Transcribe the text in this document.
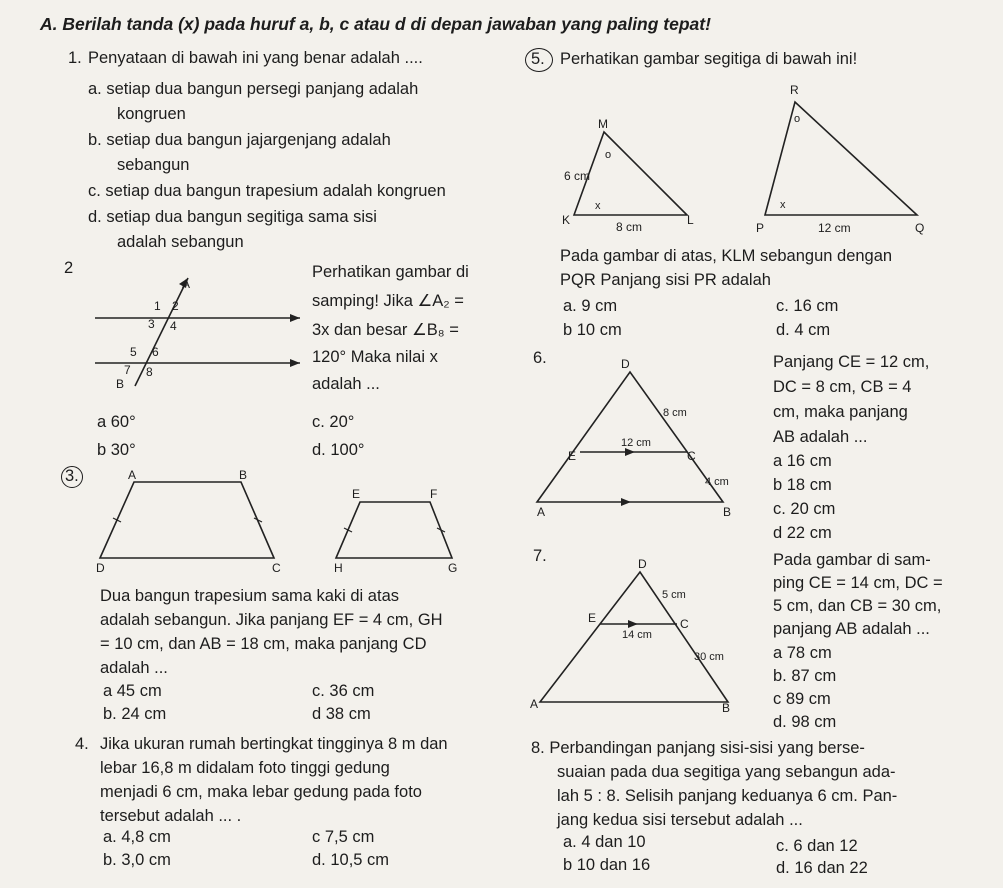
A. Berilah tanda (x) pada huruf a, b, c atau d di depan jawaban yang paling tepat!
1. Penyataan di bawah ini yang benar adalah ....
a. setiap dua bangun persegi panjang adalah
kongruen
b. setiap dua bangun jajargenjang adalah
sebangun
c. setiap dua bangun trapesium adalah kongruen
d. setiap dua bangun segitiga sama sisi
adalah sebangun
2	Perhatikan gambar di
samping! Jika ∠A₂ =
3x dan besar ∠B₈ =
120° Maka nilai x
adalah ...
a 60°
b 30°
c. 20°
d. 100°
A
B
1 2
3 4
5 6
7 8
3.	A	B
C
D
E	F
G
H
Dua bangun trapesium sama kaki di atas
adalah sebangun. Jika panjang EF = 4 cm, GH
= 10 cm, dan AB = 18 cm, maka panjang CD
adalah ...
a 45 cm
b. 24 cm
c. 36 cm
d 38 cm
4. Jika ukuran rumah bertingkat tingginya 8 m dan
lebar 16,8 m didalam foto tinggi gedung
menjadi 6 cm, maka lebar gedung pada foto
tersebut adalah ... .
a. 4,8 cm
b. 3,0 cm
c 7,5 cm
d. 10,5 cm
5. Perhatikan gambar segitiga di bawah ini!
M
K	L
o
x
6 cm
8 cm
R
P	Q
o
x
12 cm
Pada gambar di atas, KLM sebangun dengan
PQR Panjang sisi PR adalah
a. 9 cm
b 10 cm
c. 16 cm
d. 4 cm
6.	D
E	C
A	B
8 cm
12 cm
4 cm
Panjang CE = 12 cm,
DC = 8 cm, CB = 4
cm, maka panjang
AB adalah ...
a 16 cm
b 18 cm
c. 20 cm
d 22 cm
7.	D
E	C
A	B
5 cm
14 cm
30 cm
Pada gambar di sam-
ping CE = 14 cm, DC =
5 cm, dan CB = 30 cm,
panjang AB adalah ...
a 78 cm
b. 87 cm
c 89 cm
d. 98 cm
8. Perbandingan panjang sisi-sisi yang berse-
suaian pada dua segitiga yang sebangun ada-
lah 5 : 8. Selisih panjang keduanya 6 cm. Pan-
jang kedua sisi tersebut adalah ...
a. 4 dan 10
b 10 dan 16
c. 6 dan 12
d. 16 dan 22
